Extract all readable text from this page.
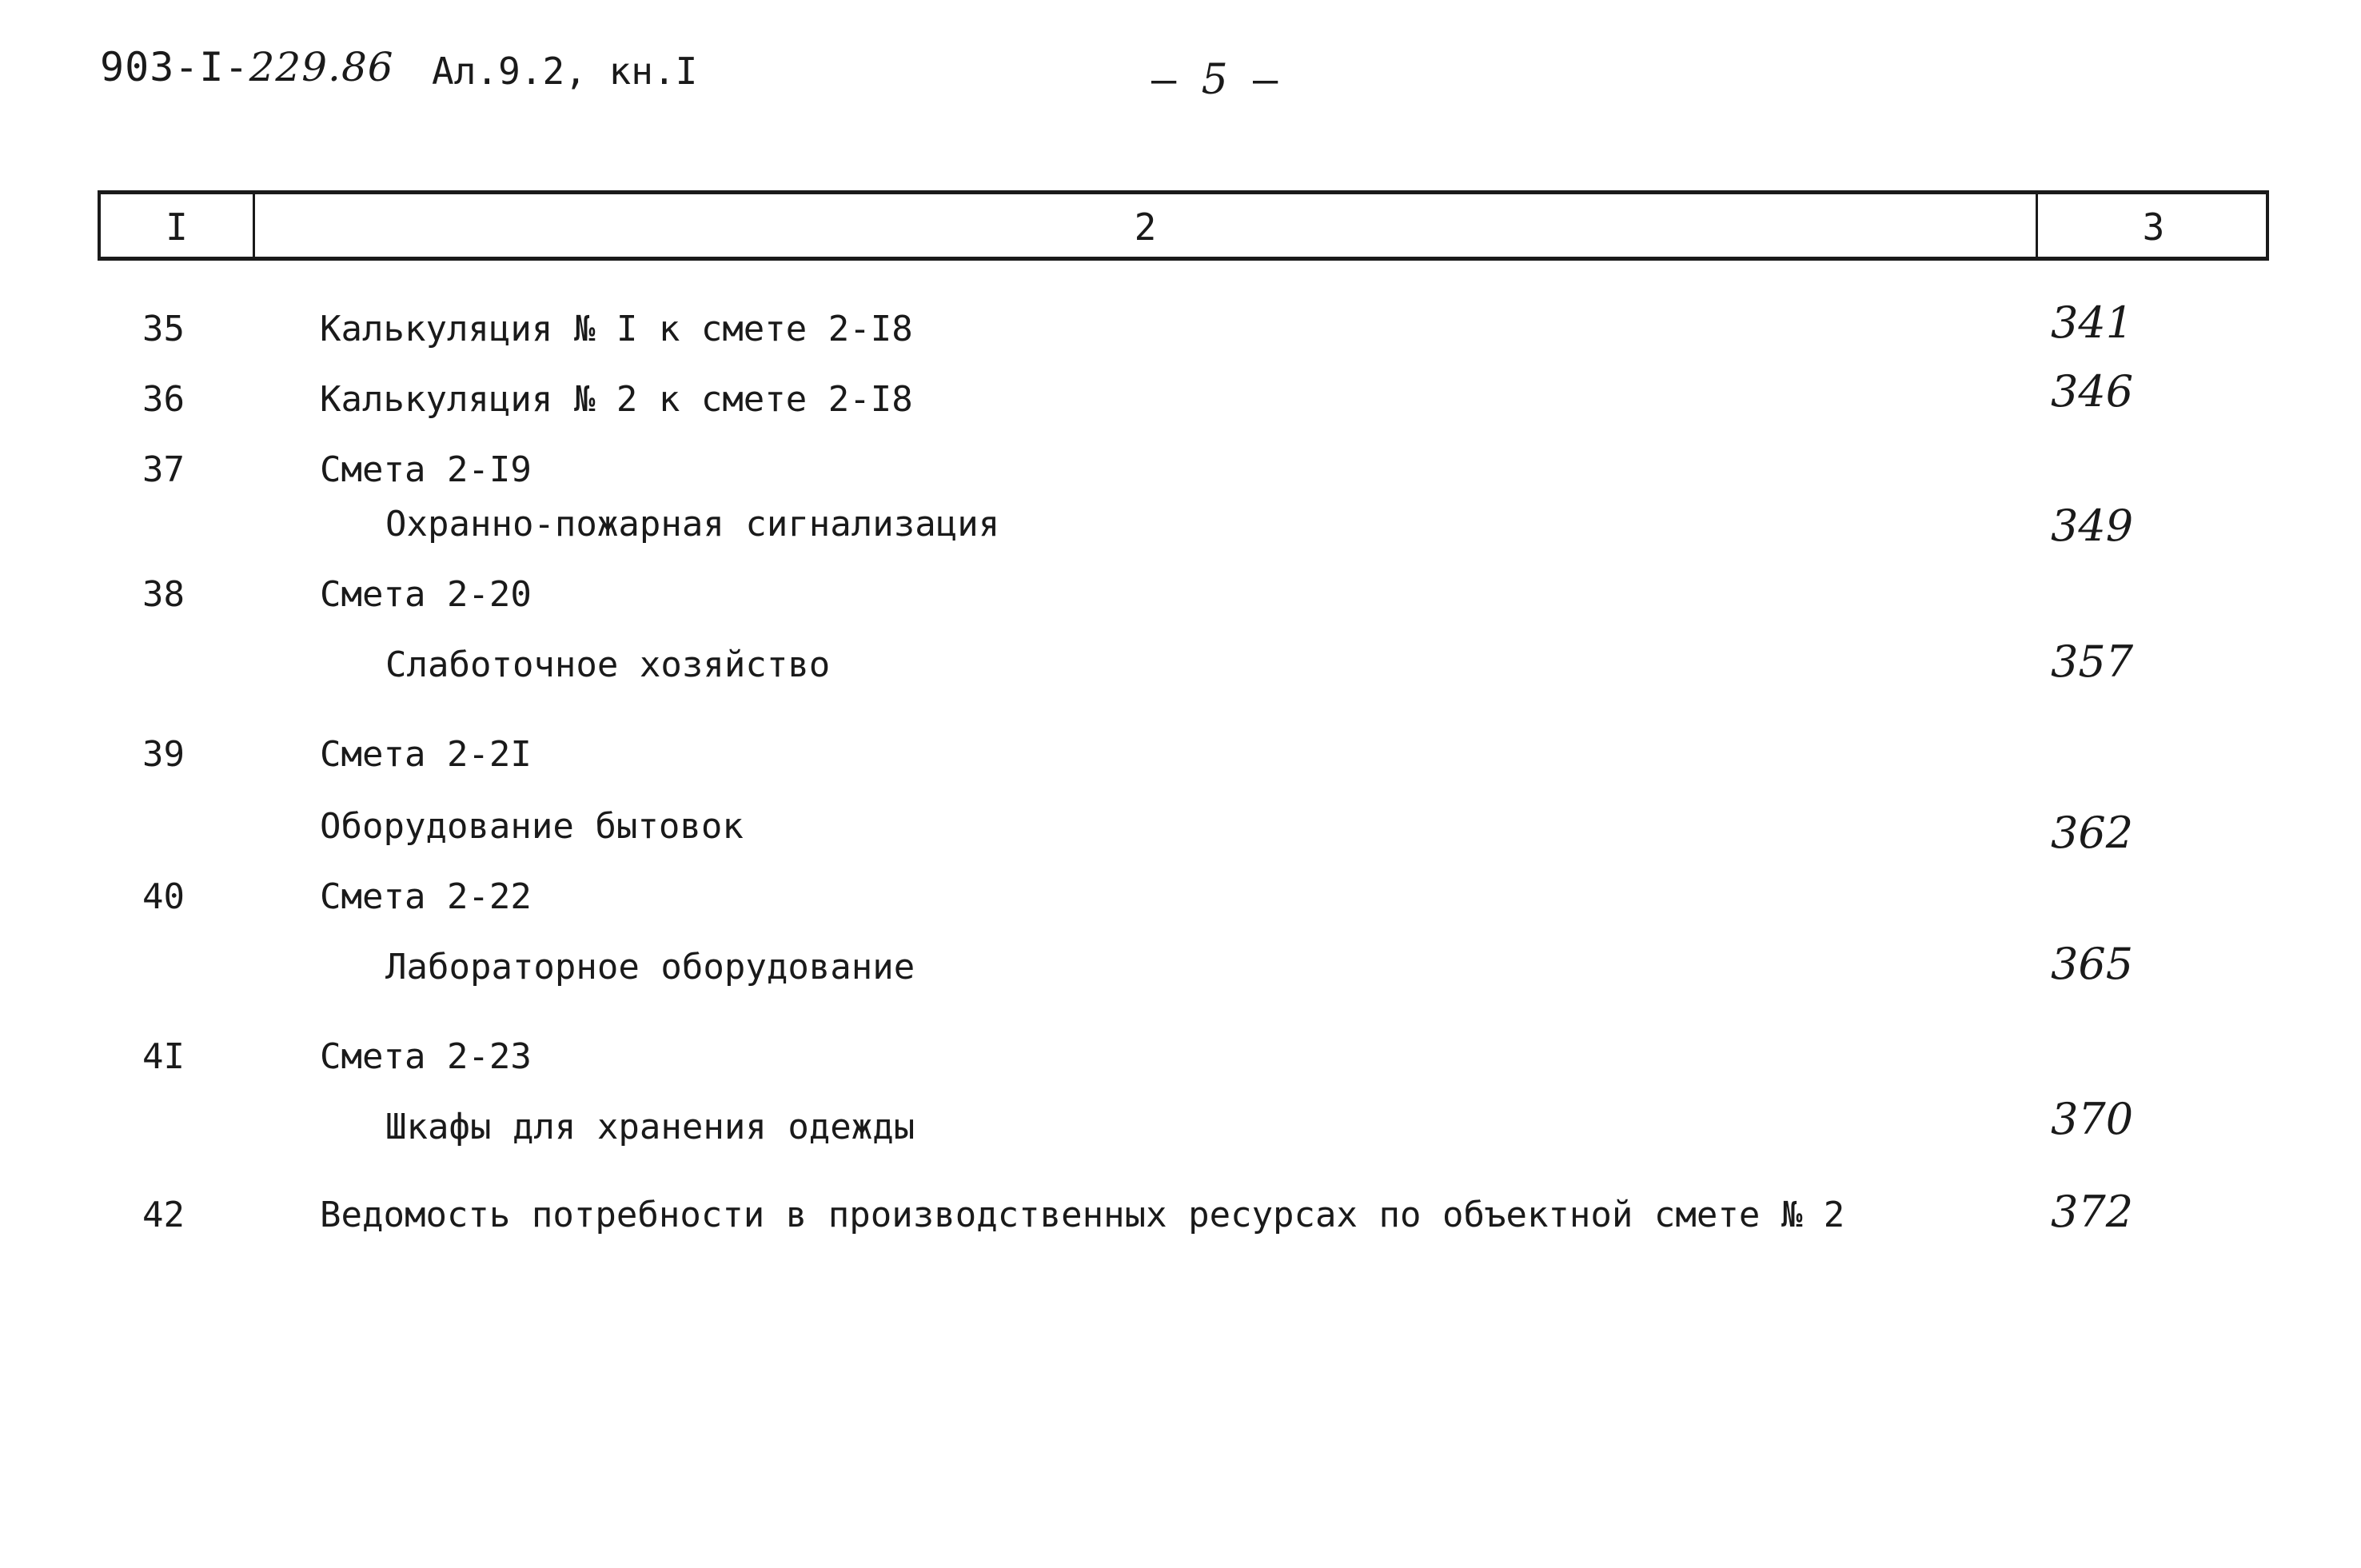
903-I-229.86 Ал.9.2, кн.I	— 5 —
I	2	3
35	Калькуляция № I к смете 2-I8	341
36	Калькуляция № 2 к смете 2-I8	346
37	Смета 2-I9
Охранно-пожарная сигнализация	349
38	Смета 2-20
Слаботочное хозяйство	357
39	Смета 2-2I
Оборудование бытовок	362
40	Смета 2-22
Лабораторное оборудование	365
4I	Смета 2-23
Шкафы для хранения одежды	370
42	Ведомость потребности в производственных ресурсах по объектной смете № 2	372
